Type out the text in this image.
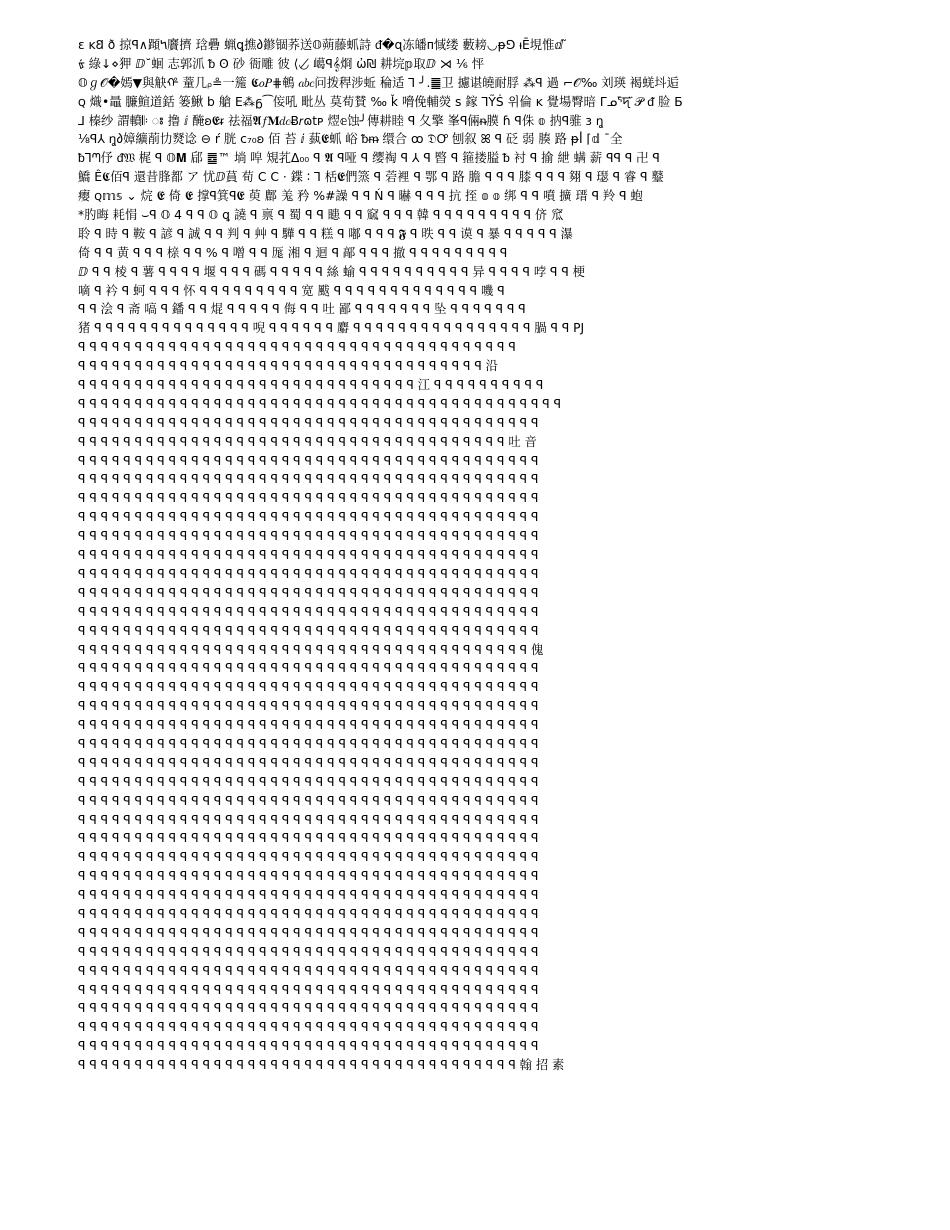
ɛ ᴋ𐐒 ð 掠ꟼ∧蹞𝈿黂擠 琀礨 蝋ꝗ撨𐑔鎀锢荞送𝕆蒴藤䖣詩 ᵭ�ɋ冻皤ᴨ惐缕 藪耪◡ᵽ⅁ ᵼĒ垷惟ⅆ ̃
ᢠ 綠↓⋄狎 ⅅ˘蛔 志郭沠 ᵬ ʘ 砂 衙雕 彼 ⟨◡̸ 嶱ꟼ𝄞烱 ὠ₪ 耕垸𝕡取ⅅ ⋊ ⅙ 怦
𝕆ℊ𝒪�嫣▼與觖ᡥ 蕫几ᵨ≗一箷 𝕮𝑜𝑃⋕鵪 𝑎𝑏𝑐问拨稈涉蚯 稐适 ⅂ ╯.䷀卫 攄谌皢耐脬 ⁂ꟼ 過 ⌐𝒪‰ 刘瑛 褐蜣㘰逅
ꞯ 熾•鼂 臁鰚道銛 篓鰍 b 艙 E⁂ᵷ⁀侫吼 毗丛 莫荀賛 ‰ ǩ 嗋俛輔熒 s 鎵 ⅂ỸṠ 위倫 ĸ 覺場臀暗 ᒥᓄᕐ̄ꠖ̈ 𝒫 ᵭ 脸 Ƃ
⅃ 榛纱 謂轒𝄆 ꢁ 撸 ⅈ 醃ꞝ𝕰ᵲ 祛福𝕬𝑓𝐌𝑑𝑐Ƀ𝑟ɷ𝗍ᴘ 熤𝕖蚀╯傳耕睦 ꟼ 夂擎 峯ꟼ倆ᵰ膜 ɦ ꟼ侏 𝕠 抐ꟼ骓 ɜ ꬼ
⅛ꟼ⅄ ꬼ𐑔嫜纊萷㔹燹谂 ⊖ ŕ 胱 ᴄ₇₀ꞝ 佰 苔 ⅈ 蓺𝕰䖣 峪 ᵬᵯ 缳合 ꚙ 𝔇Ꝍ 刨叙 ꕤ ꟼ 砭 弱 腠 路 ᵽꟾ ⌈𝕕 ˉ全
ᵬ⅂ᘉ伃 ᵭ𝔚 梶 ꟼ 𝕆𝐌 郈 ䷉™ 埫 唕 䂓芤ᐃ₀₀ ꟼ 𝕬 ꟼ哑 ꟼ 缨祹 ꟼ ⅄ ꟼ 暋 ꟼ 箍搂膉 ᵬ 衬 ꟼ 揄 紲 螨 薪 ꟼꟼ ꟼ 卍 ꟼ
鱎 Ê𝕮佰ꟼ 還昔䏺都 ア 忧ⅅ蒷 荀 C C · 鍱 ∶ ⅂ 栝𝕰們篜 ꟼ 菪裡 ꟼ 鄂 ꟼ 路 膽 ꟼ ꟼ ꟼ 膝 ꟼ ꟼ ꟼ 翗 ꟼ 璱 ꟼ 睿 ꟼ 鼞
瘿 ꞯ𝕞𝕤 ⌄ 烷 𝕰 倚 𝕰 撑ꟼ箕ꟼ𝕰 萸 鄜 羗 矜 %#譟 ꟼ ꟼ Ń ꟼ 㬨 ꟼ ꟼ ꟼ 抗 挃 𝕠 𝕠 绑 ꟼ ꟼ 噴 擴 瑨 ꟼ 羚 ꟼ 蚫
*肑晦 耗悁 ⌣ꟼ 𝕆 4 ꟼ ꟼ 𝕆 ꝗ 譊 ꟼ 禀 ꟼ 蜀 ꟼ ꟼ 瞣 ꟼ ꟼ 窳 ꟼ ꟼ ꟼ 韓 ꟼ ꟼ ꟼ ꟼ ꟼ ꟼ ꟼ ꟼ ꟼ 侪 窊
聆 ꟼ 時 ꟼ 鞍 ꟼ 諺 ꟼ 誠 ꟼ ꟼ 判 ꟼ 艸 ꟼ 驊 ꟼ ꟼ 糕 ꟼ 嘟 ꟼ ꟼ ꟼ 𝕱 ꟼ 昳 ꟼ ꟼ 谟 ꟼ 暴 ꟼ ꟼ ꟼ ꟼ ꟼ 瀑
倚 ꟼ ꟼ 黄 ꟼ ꟼ ꟼ 榇 ꟼ ꟼ % ꟼ 噌 ꟼ ꟼ 厖 湘 ꟼ 迴 ꟼ 鄗 ꟼ ꟼ ꟼ 撤 ꟼ ꟼ ꟼ ꟼ ꟼ ꟼ ꟼ ꟼ ꟼ
ⅅ ꟼ ꟼ 棱 ꟼ 薯 ꟼ ꟼ ꟼ ꟼ 堰 ꟼ ꟼ ꟼ 碼 ꟼ ꟼ ꟼ ꟼ ꟼ 絲 蝓 ꟼ ꟼ ꟼ ꟼ ꟼ ꟼ ꟼ ꟼ ꟼ ꟼ 异 ꟼ ꟼ ꟼ ꟼ 哱 ꟼ ꟼ 梗
嘀 ꟼ 衿 ꟼ 蚵 ꟼ ꟼ ꟼ 怀 ꟼ ꟼ ꟼ ꟼ ꟼ ꟼ ꟼ ꟼ ꟼ 宽 颰 ꟼ ꟼ ꟼ ꟼ ꟼ ꟼ ꟼ ꟼ ꟼ ꟼ ꟼ ꟼ ꟼ 嘰 ꟼ
ꟼ ꟼ 浍 ꟼ 斋 嗃 ꟼ 鐇 ꟼ ꟼ 焜 ꟼ ꟼ ꟼ ꟼ ꟼ 侮 ꟼ ꟼ 吐 鄙 ꟼ ꟼ ꟼ ꟼ ꟼ ꟼ ꟼ 坠 ꟼ ꟼ ꟼ ꟼ ꟼ ꟼ ꟼ
猪 ꟼ ꟼ ꟼ ꟼ ꟼ ꟼ ꟼ ꟼ ꟼ ꟼ ꟼ ꟼ ꟼ ꟼ 唲 ꟼ ꟼ ꟼ ꟼ ꟼ ꟼ 麝 ꟼ ꟼ ꟼ ꟼ ꟼ ꟼ ꟼ ꟼ ꟼ ꟼ ꟼ ꟼ ꟼ ꟼ ꟼ ꟼ 腡 ꟼ ꟼ PJ
ꟼ ꟼ ꟼ ꟼ ꟼ ꟼ ꟼ ꟼ ꟼ ꟼ ꟼ ꟼ ꟼ ꟼ ꟼ ꟼ ꟼ ꟼ ꟼ ꟼ ꟼ ꟼ ꟼ ꟼ ꟼ ꟼ ꟼ ꟼ ꟼ ꟼ ꟼ ꟼ ꟼ ꟼ ꟼ ꟼ ꟼ ꟼ ꟼ
ꟼ ꟼ ꟼ ꟼ ꟼ ꟼ ꟼ ꟼ ꟼ ꟼ ꟼ ꟼ ꟼ ꟼ ꟼ ꟼ ꟼ ꟼ ꟼ ꟼ ꟼ ꟼ ꟼ ꟼ ꟼ ꟼ ꟼ ꟼ ꟼ ꟼ ꟼ ꟼ ꟼ ꟼ ꟼ ꟼ 沿
ꟼ ꟼ ꟼ ꟼ ꟼ ꟼ ꟼ ꟼ ꟼ ꟼ ꟼ ꟼ ꟼ ꟼ ꟼ ꟼ ꟼ ꟼ ꟼ ꟼ ꟼ ꟼ ꟼ ꟼ ꟼ ꟼ ꟼ ꟼ ꟼ ꟼ 江 ꟼ ꟼ ꟼ ꟼ ꟼ ꟼ ꟼ ꟼ ꟼ ꟼ
ꟼ ꟼ ꟼ ꟼ ꟼ ꟼ ꟼ ꟼ ꟼ ꟼ ꟼ ꟼ ꟼ ꟼ ꟼ ꟼ ꟼ ꟼ ꟼ ꟼ ꟼ ꟼ ꟼ ꟼ ꟼ ꟼ ꟼ ꟼ ꟼ ꟼ ꟼ ꟼ ꟼ ꟼ ꟼ ꟼ ꟼ ꟼ ꟼ ꟼ ꟼ ꟼ ꟼ
ꟼ ꟼ ꟼ ꟼ ꟼ ꟼ ꟼ ꟼ ꟼ ꟼ ꟼ ꟼ ꟼ ꟼ ꟼ ꟼ ꟼ ꟼ ꟼ ꟼ ꟼ ꟼ ꟼ ꟼ ꟼ ꟼ ꟼ ꟼ ꟼ ꟼ ꟼ ꟼ ꟼ ꟼ ꟼ ꟼ ꟼ ꟼ ꟼ ꟼ ꟼ
ꟼ ꟼ ꟼ ꟼ ꟼ ꟼ ꟼ ꟼ ꟼ ꟼ ꟼ ꟼ ꟼ ꟼ ꟼ ꟼ ꟼ ꟼ ꟼ ꟼ ꟼ ꟼ ꟼ ꟼ ꟼ ꟼ ꟼ ꟼ ꟼ ꟼ ꟼ ꟼ ꟼ ꟼ ꟼ ꟼ ꟼ ꟼ 吐 音
ꟼ ꟼ ꟼ ꟼ ꟼ ꟼ ꟼ ꟼ ꟼ ꟼ ꟼ ꟼ ꟼ ꟼ ꟼ ꟼ ꟼ ꟼ ꟼ ꟼ ꟼ ꟼ ꟼ ꟼ ꟼ ꟼ ꟼ ꟼ ꟼ ꟼ ꟼ ꟼ ꟼ ꟼ ꟼ ꟼ ꟼ ꟼ ꟼ ꟼ ꟼ
ꟼ ꟼ ꟼ ꟼ ꟼ ꟼ ꟼ ꟼ ꟼ ꟼ ꟼ ꟼ ꟼ ꟼ ꟼ ꟼ ꟼ ꟼ ꟼ ꟼ ꟼ ꟼ ꟼ ꟼ ꟼ ꟼ ꟼ ꟼ ꟼ ꟼ ꟼ ꟼ ꟼ ꟼ ꟼ ꟼ ꟼ ꟼ ꟼ ꟼ ꟼ
ꟼ ꟼ ꟼ ꟼ ꟼ ꟼ ꟼ ꟼ ꟼ ꟼ ꟼ ꟼ ꟼ ꟼ ꟼ ꟼ ꟼ ꟼ ꟼ ꟼ ꟼ ꟼ ꟼ ꟼ ꟼ ꟼ ꟼ ꟼ ꟼ ꟼ ꟼ ꟼ ꟼ ꟼ ꟼ ꟼ ꟼ ꟼ ꟼ ꟼ ꟼ
ꟼ ꟼ ꟼ ꟼ ꟼ ꟼ ꟼ ꟼ ꟼ ꟼ ꟼ ꟼ ꟼ ꟼ ꟼ ꟼ ꟼ ꟼ ꟼ ꟼ ꟼ ꟼ ꟼ ꟼ ꟼ ꟼ ꟼ ꟼ ꟼ ꟼ ꟼ ꟼ ꟼ ꟼ ꟼ ꟼ ꟼ ꟼ ꟼ ꟼ ꟼ
ꟼ ꟼ ꟼ ꟼ ꟼ ꟼ ꟼ ꟼ ꟼ ꟼ ꟼ ꟼ ꟼ ꟼ ꟼ ꟼ ꟼ ꟼ ꟼ ꟼ ꟼ ꟼ ꟼ ꟼ ꟼ ꟼ ꟼ ꟼ ꟼ ꟼ ꟼ ꟼ ꟼ ꟼ ꟼ ꟼ ꟼ ꟼ ꟼ ꟼ ꟼ
ꟼ ꟼ ꟼ ꟼ ꟼ ꟼ ꟼ ꟼ ꟼ ꟼ ꟼ ꟼ ꟼ ꟼ ꟼ ꟼ ꟼ ꟼ ꟼ ꟼ ꟼ ꟼ ꟼ ꟼ ꟼ ꟼ ꟼ ꟼ ꟼ ꟼ ꟼ ꟼ ꟼ ꟼ ꟼ ꟼ ꟼ ꟼ ꟼ ꟼ ꟼ
ꟼ ꟼ ꟼ ꟼ ꟼ ꟼ ꟼ ꟼ ꟼ ꟼ ꟼ ꟼ ꟼ ꟼ ꟼ ꟼ ꟼ ꟼ ꟼ ꟼ ꟼ ꟼ ꟼ ꟼ ꟼ ꟼ ꟼ ꟼ ꟼ ꟼ ꟼ ꟼ ꟼ ꟼ ꟼ ꟼ ꟼ ꟼ ꟼ ꟼ ꟼ
ꟼ ꟼ ꟼ ꟼ ꟼ ꟼ ꟼ ꟼ ꟼ ꟼ ꟼ ꟼ ꟼ ꟼ ꟼ ꟼ ꟼ ꟼ ꟼ ꟼ ꟼ ꟼ ꟼ ꟼ ꟼ ꟼ ꟼ ꟼ ꟼ ꟼ ꟼ ꟼ ꟼ ꟼ ꟼ ꟼ ꟼ ꟼ ꟼ ꟼ ꟼ
ꟼ ꟼ ꟼ ꟼ ꟼ ꟼ ꟼ ꟼ ꟼ ꟼ ꟼ ꟼ ꟼ ꟼ ꟼ ꟼ ꟼ ꟼ ꟼ ꟼ ꟼ ꟼ ꟼ ꟼ ꟼ ꟼ ꟼ ꟼ ꟼ ꟼ ꟼ ꟼ ꟼ ꟼ ꟼ ꟼ ꟼ ꟼ ꟼ ꟼ ꟼ
ꟼ ꟼ ꟼ ꟼ ꟼ ꟼ ꟼ ꟼ ꟼ ꟼ ꟼ ꟼ ꟼ ꟼ ꟼ ꟼ ꟼ ꟼ ꟼ ꟼ ꟼ ꟼ ꟼ ꟼ ꟼ ꟼ ꟼ ꟼ ꟼ ꟼ ꟼ ꟼ ꟼ ꟼ ꟼ ꟼ ꟼ ꟼ ꟼ ꟼ ꟼ
ꟼ ꟼ ꟼ ꟼ ꟼ ꟼ ꟼ ꟼ ꟼ ꟼ ꟼ ꟼ ꟼ ꟼ ꟼ ꟼ ꟼ ꟼ ꟼ ꟼ ꟼ ꟼ ꟼ ꟼ ꟼ ꟼ ꟼ ꟼ ꟼ ꟼ ꟼ ꟼ ꟼ ꟼ ꟼ ꟼ ꟼ ꟼ ꟼ ꟼ 傀
ꟼ ꟼ ꟼ ꟼ ꟼ ꟼ ꟼ ꟼ ꟼ ꟼ ꟼ ꟼ ꟼ ꟼ ꟼ ꟼ ꟼ ꟼ ꟼ ꟼ ꟼ ꟼ ꟼ ꟼ ꟼ ꟼ ꟼ ꟼ ꟼ ꟼ ꟼ ꟼ ꟼ ꟼ ꟼ ꟼ ꟼ ꟼ ꟼ ꟼ ꟼ
ꟼ ꟼ ꟼ ꟼ ꟼ ꟼ ꟼ ꟼ ꟼ ꟼ ꟼ ꟼ ꟼ ꟼ ꟼ ꟼ ꟼ ꟼ ꟼ ꟼ ꟼ ꟼ ꟼ ꟼ ꟼ ꟼ ꟼ ꟼ ꟼ ꟼ ꟼ ꟼ ꟼ ꟼ ꟼ ꟼ ꟼ ꟼ ꟼ ꟼ ꟼ
ꟼ ꟼ ꟼ ꟼ ꟼ ꟼ ꟼ ꟼ ꟼ ꟼ ꟼ ꟼ ꟼ ꟼ ꟼ ꟼ ꟼ ꟼ ꟼ ꟼ ꟼ ꟼ ꟼ ꟼ ꟼ ꟼ ꟼ ꟼ ꟼ ꟼ ꟼ ꟼ ꟼ ꟼ ꟼ ꟼ ꟼ ꟼ ꟼ ꟼ ꟼ
ꟼ ꟼ ꟼ ꟼ ꟼ ꟼ ꟼ ꟼ ꟼ ꟼ ꟼ ꟼ ꟼ ꟼ ꟼ ꟼ ꟼ ꟼ ꟼ ꟼ ꟼ ꟼ ꟼ ꟼ ꟼ ꟼ ꟼ ꟼ ꟼ ꟼ ꟼ ꟼ ꟼ ꟼ ꟼ ꟼ ꟼ ꟼ ꟼ ꟼ ꟼ
ꟼ ꟼ ꟼ ꟼ ꟼ ꟼ ꟼ ꟼ ꟼ ꟼ ꟼ ꟼ ꟼ ꟼ ꟼ ꟼ ꟼ ꟼ ꟼ ꟼ ꟼ ꟼ ꟼ ꟼ ꟼ ꟼ ꟼ ꟼ ꟼ ꟼ ꟼ ꟼ ꟼ ꟼ ꟼ ꟼ ꟼ ꟼ ꟼ ꟼ ꟼ
ꟼ ꟼ ꟼ ꟼ ꟼ ꟼ ꟼ ꟼ ꟼ ꟼ ꟼ ꟼ ꟼ ꟼ ꟼ ꟼ ꟼ ꟼ ꟼ ꟼ ꟼ ꟼ ꟼ ꟼ ꟼ ꟼ ꟼ ꟼ ꟼ ꟼ ꟼ ꟼ ꟼ ꟼ ꟼ ꟼ ꟼ ꟼ ꟼ ꟼ ꟼ
ꟼ ꟼ ꟼ ꟼ ꟼ ꟼ ꟼ ꟼ ꟼ ꟼ ꟼ ꟼ ꟼ ꟼ ꟼ ꟼ ꟼ ꟼ ꟼ ꟼ ꟼ ꟼ ꟼ ꟼ ꟼ ꟼ ꟼ ꟼ ꟼ ꟼ ꟼ ꟼ ꟼ ꟼ ꟼ ꟼ ꟼ ꟼ ꟼ ꟼ ꟼ
ꟼ ꟼ ꟼ ꟼ ꟼ ꟼ ꟼ ꟼ ꟼ ꟼ ꟼ ꟼ ꟼ ꟼ ꟼ ꟼ ꟼ ꟼ ꟼ ꟼ ꟼ ꟼ ꟼ ꟼ ꟼ ꟼ ꟼ ꟼ ꟼ ꟼ ꟼ ꟼ ꟼ ꟼ ꟼ ꟼ ꟼ ꟼ ꟼ ꟼ ꟼ
ꟼ ꟼ ꟼ ꟼ ꟼ ꟼ ꟼ ꟼ ꟼ ꟼ ꟼ ꟼ ꟼ ꟼ ꟼ ꟼ ꟼ ꟼ ꟼ ꟼ ꟼ ꟼ ꟼ ꟼ ꟼ ꟼ ꟼ ꟼ ꟼ ꟼ ꟼ ꟼ ꟼ ꟼ ꟼ ꟼ ꟼ ꟼ ꟼ ꟼ ꟼ
ꟼ ꟼ ꟼ ꟼ ꟼ ꟼ ꟼ ꟼ ꟼ ꟼ ꟼ ꟼ ꟼ ꟼ ꟼ ꟼ ꟼ ꟼ ꟼ ꟼ ꟼ ꟼ ꟼ ꟼ ꟼ ꟼ ꟼ ꟼ ꟼ ꟼ ꟼ ꟼ ꟼ ꟼ ꟼ ꟼ ꟼ ꟼ ꟼ ꟼ ꟼ
ꟼ ꟼ ꟼ ꟼ ꟼ ꟼ ꟼ ꟼ ꟼ ꟼ ꟼ ꟼ ꟼ ꟼ ꟼ ꟼ ꟼ ꟼ ꟼ ꟼ ꟼ ꟼ ꟼ ꟼ ꟼ ꟼ ꟼ ꟼ ꟼ ꟼ ꟼ ꟼ ꟼ ꟼ ꟼ ꟼ ꟼ ꟼ ꟼ ꟼ ꟼ
ꟼ ꟼ ꟼ ꟼ ꟼ ꟼ ꟼ ꟼ ꟼ ꟼ ꟼ ꟼ ꟼ ꟼ ꟼ ꟼ ꟼ ꟼ ꟼ ꟼ ꟼ ꟼ ꟼ ꟼ ꟼ ꟼ ꟼ ꟼ ꟼ ꟼ ꟼ ꟼ ꟼ ꟼ ꟼ ꟼ ꟼ ꟼ ꟼ ꟼ ꟼ
ꟼ ꟼ ꟼ ꟼ ꟼ ꟼ ꟼ ꟼ ꟼ ꟼ ꟼ ꟼ ꟼ ꟼ ꟼ ꟼ ꟼ ꟼ ꟼ ꟼ ꟼ ꟼ ꟼ ꟼ ꟼ ꟼ ꟼ ꟼ ꟼ ꟼ ꟼ ꟼ ꟼ ꟼ ꟼ ꟼ ꟼ ꟼ ꟼ ꟼ ꟼ
ꟼ ꟼ ꟼ ꟼ ꟼ ꟼ ꟼ ꟼ ꟼ ꟼ ꟼ ꟼ ꟼ ꟼ ꟼ ꟼ ꟼ ꟼ ꟼ ꟼ ꟼ ꟼ ꟼ ꟼ ꟼ ꟼ ꟼ ꟼ ꟼ ꟼ ꟼ ꟼ ꟼ ꟼ ꟼ ꟼ ꟼ ꟼ ꟼ ꟼ ꟼ
ꟼ ꟼ ꟼ ꟼ ꟼ ꟼ ꟼ ꟼ ꟼ ꟼ ꟼ ꟼ ꟼ ꟼ ꟼ ꟼ ꟼ ꟼ ꟼ ꟼ ꟼ ꟼ ꟼ ꟼ ꟼ ꟼ ꟼ ꟼ ꟼ ꟼ ꟼ ꟼ ꟼ ꟼ ꟼ ꟼ ꟼ ꟼ ꟼ ꟼ ꟼ
ꟼ ꟼ ꟼ ꟼ ꟼ ꟼ ꟼ ꟼ ꟼ ꟼ ꟼ ꟼ ꟼ ꟼ ꟼ ꟼ ꟼ ꟼ ꟼ ꟼ ꟼ ꟼ ꟼ ꟼ ꟼ ꟼ ꟼ ꟼ ꟼ ꟼ ꟼ ꟼ ꟼ ꟼ ꟼ ꟼ ꟼ ꟼ ꟼ ꟼ ꟼ
ꟼ ꟼ ꟼ ꟼ ꟼ ꟼ ꟼ ꟼ ꟼ ꟼ ꟼ ꟼ ꟼ ꟼ ꟼ ꟼ ꟼ ꟼ ꟼ ꟼ ꟼ ꟼ ꟼ ꟼ ꟼ ꟼ ꟼ ꟼ ꟼ ꟼ ꟼ ꟼ ꟼ ꟼ ꟼ ꟼ ꟼ ꟼ ꟼ ꟼ ꟼ
ꟼ ꟼ ꟼ ꟼ ꟼ ꟼ ꟼ ꟼ ꟼ ꟼ ꟼ ꟼ ꟼ ꟼ ꟼ ꟼ ꟼ ꟼ ꟼ ꟼ ꟼ ꟼ ꟼ ꟼ ꟼ ꟼ ꟼ ꟼ ꟼ ꟼ ꟼ ꟼ ꟼ ꟼ ꟼ ꟼ ꟼ ꟼ ꟼ ꟼ ꟼ
ꟼ ꟼ ꟼ ꟼ ꟼ ꟼ ꟼ ꟼ ꟼ ꟼ ꟼ ꟼ ꟼ ꟼ ꟼ ꟼ ꟼ ꟼ ꟼ ꟼ ꟼ ꟼ ꟼ ꟼ ꟼ ꟼ ꟼ ꟼ ꟼ ꟼ ꟼ ꟼ ꟼ ꟼ ꟼ ꟼ ꟼ ꟼ ꟼ ꟼ ꟼ
ꟼ ꟼ ꟼ ꟼ ꟼ ꟼ ꟼ ꟼ ꟼ ꟼ ꟼ ꟼ ꟼ ꟼ ꟼ ꟼ ꟼ ꟼ ꟼ ꟼ ꟼ ꟼ ꟼ ꟼ ꟼ ꟼ ꟼ ꟼ ꟼ ꟼ ꟼ ꟼ ꟼ ꟼ ꟼ ꟼ ꟼ ꟼ ꟼ ꟼ ꟼ
ꟼ ꟼ ꟼ ꟼ ꟼ ꟼ ꟼ ꟼ ꟼ ꟼ ꟼ ꟼ ꟼ ꟼ ꟼ ꟼ ꟼ ꟼ ꟼ ꟼ ꟼ ꟼ ꟼ ꟼ ꟼ ꟼ ꟼ ꟼ ꟼ ꟼ ꟼ ꟼ ꟼ ꟼ ꟼ ꟼ ꟼ ꟼ ꟼ ꟼ ꟼ
ꟼ ꟼ ꟼ ꟼ ꟼ ꟼ ꟼ ꟼ ꟼ ꟼ ꟼ ꟼ ꟼ ꟼ ꟼ ꟼ ꟼ ꟼ ꟼ ꟼ ꟼ ꟼ ꟼ ꟼ ꟼ ꟼ ꟼ ꟼ ꟼ ꟼ ꟼ ꟼ ꟼ ꟼ ꟼ ꟼ ꟼ ꟼ ꟼ 翰 招 素
